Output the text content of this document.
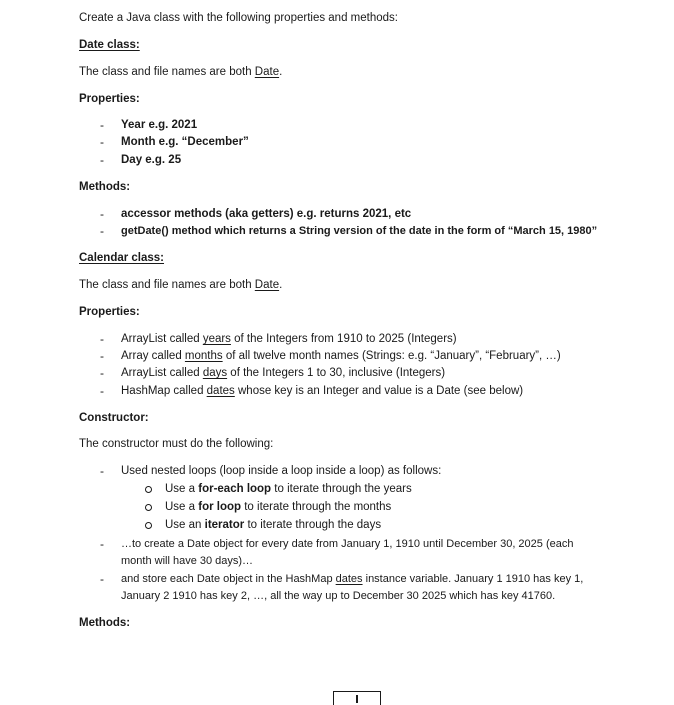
Create a Java class with the following properties and methods:
Date class:
The class and file names are both Date.
Properties:
- Year e.g. 2021
- Month e.g. “December”
- Day e.g. 25
Methods:
- accessor methods (aka getters) e.g. returns 2021, etc
- getDate() method which returns a String version of the date in the form of “March 15, 1980”
Calendar class:
The class and file names are both Date.
Properties:
- ArrayList called years of the Integers from 1910 to 2025 (Integers)
- Array called months of all twelve month names (Strings: e.g. “January”, “February”, …)
- ArrayList called days of the Integers 1 to 30, inclusive (Integers)
- HashMap called dates whose key is an Integer and value is a Date (see below)
Constructor:
The constructor must do the following:
- Used nested loops (loop inside a loop inside a loop) as follows:
Use a for-each loop to iterate through the years
Use a for loop to iterate through the months
Use an iterator to iterate through the days
- …to create a Date object for every date from January 1, 1910 until December 30, 2025 (each
month will have 30 days)…
- and store each Date object in the HashMap dates instance variable. January 1 1910 has key 1,
January 2 1910 has key 2, …, all the way up to December 30 2025 which has key 41760.
Methods:
